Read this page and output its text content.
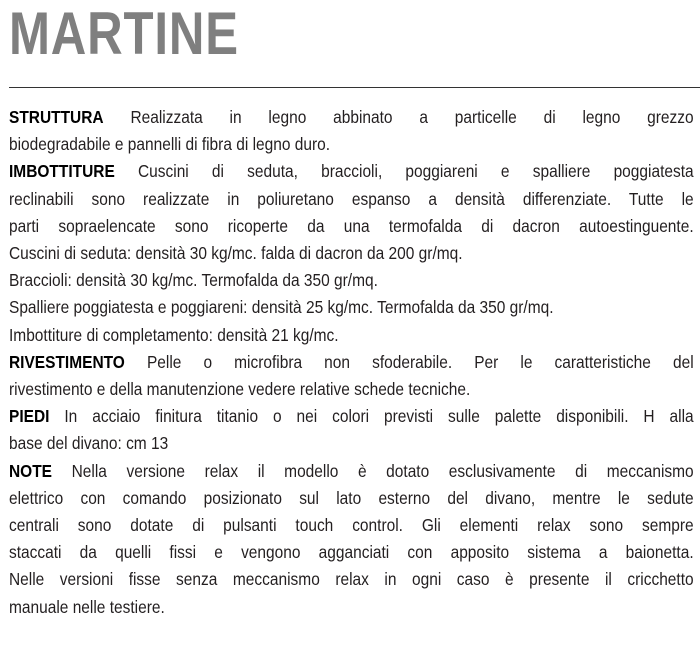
MARTINE

STRUTTURA Realizzata in legno abbinato a particelle di legno grezzo

biodegradabile e pannelli di fibra di legno duro.

IMBOTTITURE Cuscini di seduta, braccioli, poggiareni e spalliere poggiatesta

reclinabili sono realizzate in poliuretano espanso a densità differenziate. Tutte le

parti sopraelencate sono ricoperte da una termofalda di dacron autoestinguente.

Cuscini di seduta: densità 30 kg/mc. falda di dacron da 200 gr/mq.

Braccioli: densità 30 kg/mc. Termofalda da 350 gr/mq.

Spalliere poggiatesta e poggiareni: densità 25 kg/mc. Termofalda da 350 gr/mq.

Imbottiture di completamento: densità 21 kg/mc.

RIVESTIMENTO Pelle o microfibra non sfoderabile. Per le caratteristiche del

rivestimento e della manutenzione vedere relative schede tecniche.

PIEDI In acciaio finitura titanio o nei colori previsti sulle palette disponibili. H alla

base del divano: cm 13

NOTE Nella versione relax il modello è dotato esclusivamente di meccanismo

elettrico con comando posizionato sul lato esterno del divano, mentre le sedute

centrali sono dotate di pulsanti touch control. Gli elementi relax sono sempre

staccati da quelli fissi e vengono agganciati con apposito sistema a baionetta.

Nelle versioni fisse senza meccanismo relax in ogni caso è presente il cricchetto

manuale nelle testiere.
